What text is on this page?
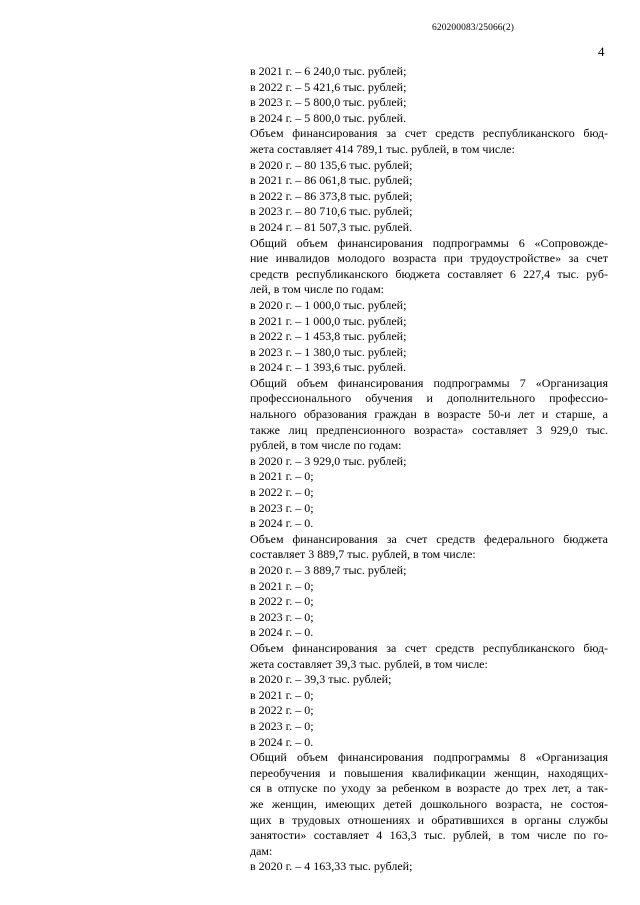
620200083/25066(2)
4
в 2021 г. – 6 240,0 тыс. рублей;
в 2022 г. – 5 421,6 тыс. рублей;
в 2023 г. – 5 800,0 тыс. рублей;
в 2024 г. – 5 800,0 тыс. рублей.
Объем финансирования за счет средств республиканского бюд-
жета составляет 414 789,1 тыс. рублей, в том числе:
в 2020 г. – 80 135,6 тыс. рублей;
в 2021 г. – 86 061,8 тыс. рублей;
в 2022 г. – 86 373,8 тыс. рублей;
в 2023 г. – 80 710,6 тыс. рублей;
в 2024 г. – 81 507,3 тыс. рублей.
Общий объем финансирования подпрограммы 6 «Сопровожде-
ние инвалидов молодого возраста при трудоустройстве» за счет
средств республиканского бюджета составляет 6 227,4 тыс. руб-
лей, в том числе по годам:
в 2020 г. – 1 000,0 тыс. рублей;
в 2021 г. – 1 000,0 тыс. рублей;
в 2022 г. – 1 453,8 тыс. рублей;
в 2023 г. – 1 380,0 тыс. рублей;
в 2024 г. – 1 393,6 тыс. рублей.
Общий объем финансирования подпрограммы 7 «Организация
профессионального обучения и дополнительного профессио-
нального образования граждан в возрасте 50-и лет и старше, а
также лиц предпенсионного возраста» составляет 3 929,0 тыс.
рублей, в том числе по годам:
в 2020 г. – 3 929,0 тыс. рублей;
в 2021 г. – 0;
в 2022 г. – 0;
в 2023 г. – 0;
в 2024 г. – 0.
Объем финансирования за счет средств федерального бюджета
составляет 3 889,7 тыс. рублей, в том числе:
в 2020 г. – 3 889,7 тыс. рублей;
в 2021 г. – 0;
в 2022 г. – 0;
в 2023 г. – 0;
в 2024 г. – 0.
Объем финансирования за счет средств республиканского бюд-
жета составляет 39,3 тыс. рублей, в том числе:
в 2020 г. – 39,3 тыс. рублей;
в 2021 г. – 0;
в 2022 г. – 0;
в 2023 г. – 0;
в 2024 г. – 0.
Общий объем финансирования подпрограммы 8 «Организация
переобучения и повышения квалификации женщин, находящих-
ся в отпуске по уходу за ребенком в возрасте до трех лет, а так-
же женщин, имеющих детей дошкольного возраста, не состоя-
щих в трудовых отношениях и обратившихся в органы службы
занятости» составляет 4 163,3 тыс. рублей, в том числе по го-
дам:
в 2020 г. – 4 163,33 тыс. рублей;
